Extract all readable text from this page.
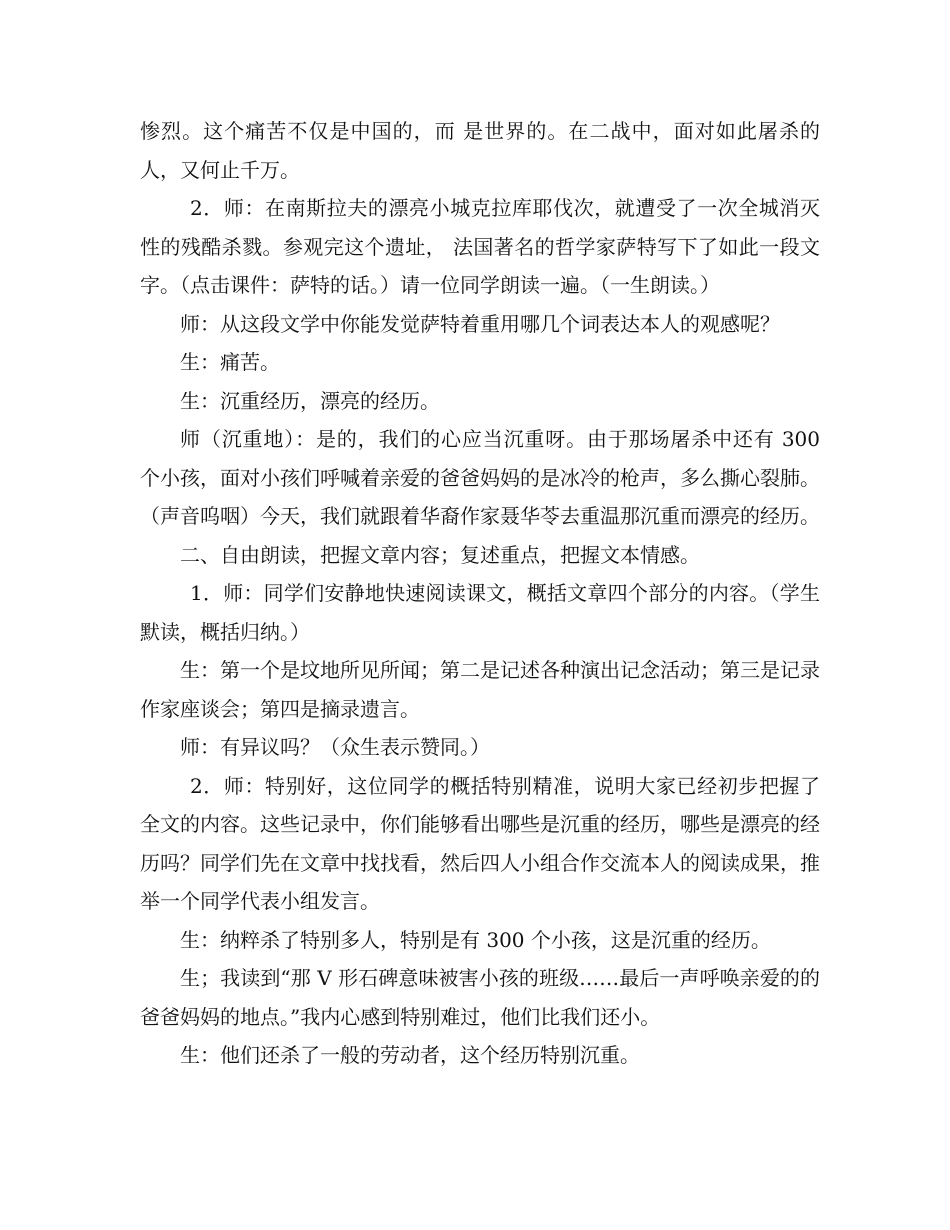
惨烈。这个痛苦不仅是中国的，而 是世界的。在二战中，面对如此屠杀的人，又何止千万。

2．师：在南斯拉夫的漂亮小城克拉库耶伐次，就遭受了一次全城消灭性的残酷杀戮。参观完这个遗址， 法国著名的哲学家萨特写下了如此一段文字。（点击课件：萨特的话。）请一位同学朗读一遍。（一生朗读。）

师：从这段文学中你能发觉萨特着重用哪几个词表达本人的观感呢？

生：痛苦。

生：沉重经历，漂亮的经历。

师（沉重地）：是的，我们的心应当沉重呀。由于那场屠杀中还有 300 个小孩，面对小孩们呼喊着亲爱的爸爸妈妈的是冰冷的枪声，多么撕心裂肺。（声音呜咽）今天，我们就跟着华裔作家聂华苓去重温那沉重而漂亮的经历。

二、自由朗读，把握文章内容；复述重点，把握文本情感。

1．师：同学们安静地快速阅读课文，概括文章四个部分的内容。（学生默读，概括归纳。）

生：第一个是坟地所见所闻；第二是记述各种演出记念活动；第三是记录作家座谈会；第四是摘录遗言。

师：有异议吗？（众生表示赞同。）

2．师：特别好，这位同学的概括特别精准，说明大家已经初步把握了全文的内容。这些记录中，你们能够看出哪些是沉重的经历，哪些是漂亮的经历吗？同学们先在文章中找找看，然后四人小组合作交流本人的阅读成果，推举一个同学代表小组发言。

生：纳粹杀了特别多人，特别是有 300 个小孩，这是沉重的经历。

生；我读到“那 V 形石碑意味被害小孩的班级……最后一声呼唤亲爱的的爸爸妈妈的地点。”我内心感到特别难过，他们比我们还小。

生：他们还杀了一般的劳动者，这个经历特别沉重。
